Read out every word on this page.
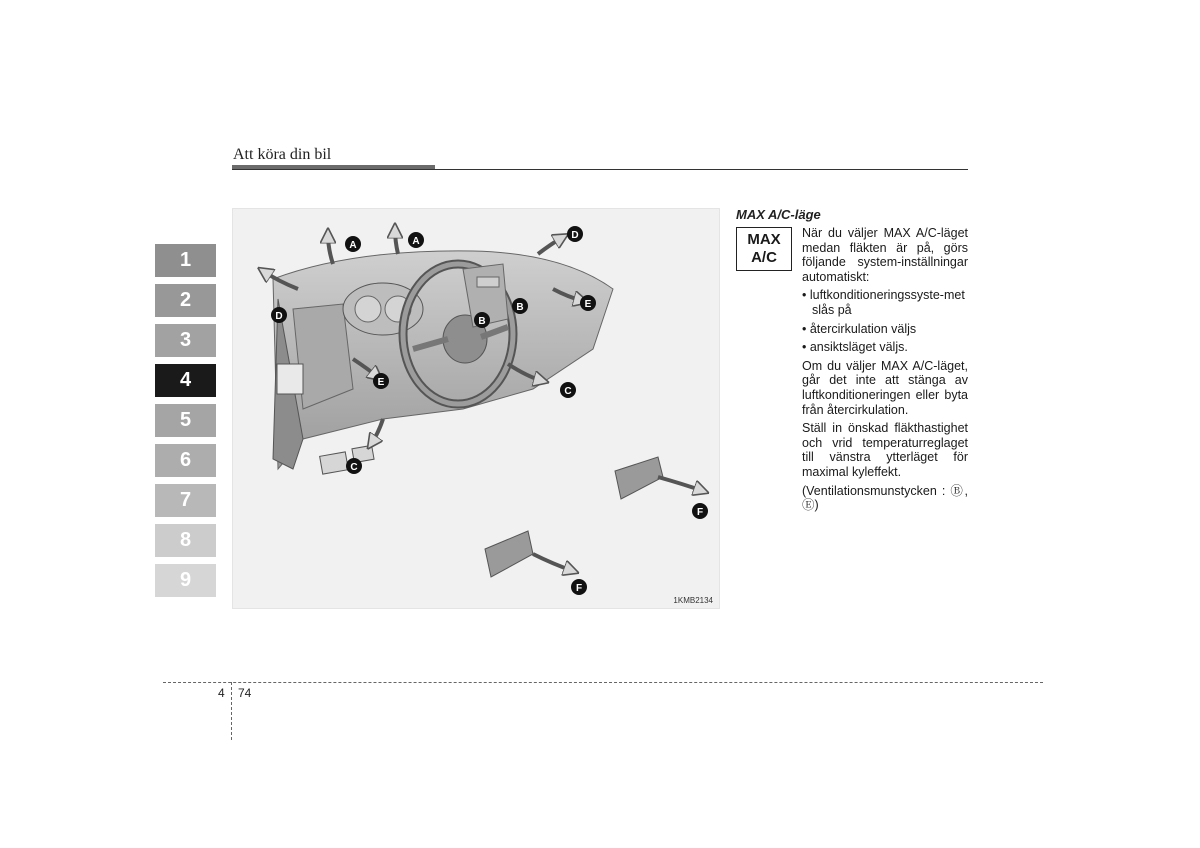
Att köra din bil
1
2
3
4
5
6
7
8
9
A	A
D
D
B
B
E
E
C
C
F
F
1KMB2134
MAX A/C-läge
MAX
A/C

När du väljer MAX A/C-läget medan fläkten är på, görs följande system-inställningar automatiskt:

• luftkonditioneringssyste-met slås på
• återcirkulation väljs
• ansiktsläget väljs.

Om du väljer MAX A/C-läget, går det inte att stänga av luftkonditioneringen eller byta från återcirkulation.

Ställ in önskad fläkthastighet och vrid temperaturreglaget till vänstra ytterläget för maximal kyleffekt.

(Ventilationsmunstycken : Ⓑ, Ⓔ)

4 74
